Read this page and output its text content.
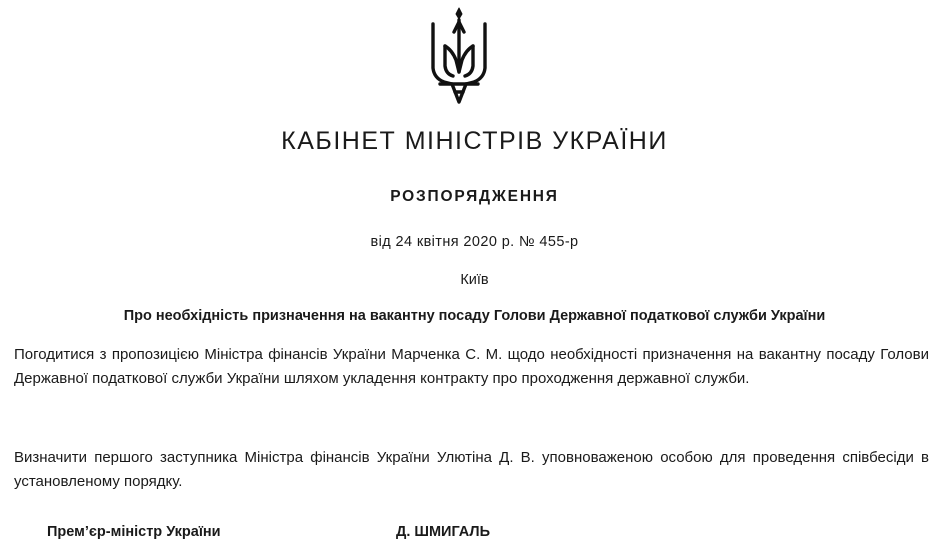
КАБІНЕТ МІНІСТРІВ УКРАЇНИ
РОЗПОРЯДЖЕННЯ
від 24 квітня 2020 р. № 455-р
Київ
Про необхідність призначення на вакантну посаду Голови Державної податкової служби України

Погодитися з пропозицією Міністра фінансів України Марченка С. М. щодо необхідності призначення на вакантну посаду Голови Державної податкової служби України шляхом укладення контракту про проходження державної служби.

Визначити першого заступника Міністра фінансів України Улютіна Д. В. уповноваженою особою для проведення співбесіди в установленому порядку.

Прем’єр-міністр України	Д. ШМИГАЛЬ
